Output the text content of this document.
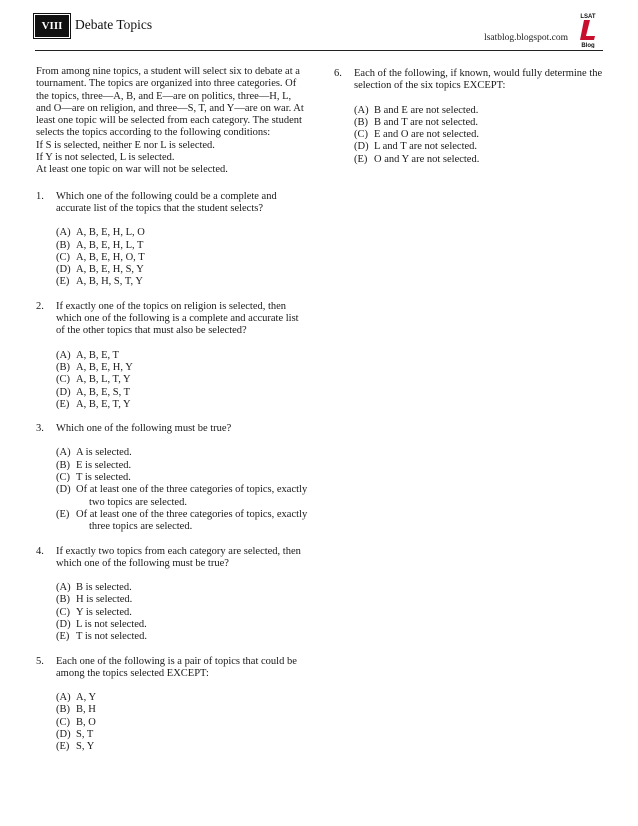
VIII Debate Topics	LSAT
Blog
lsatblog.blogspot.com

From among nine topics, a student will select six to debate at a tournament. The topics are organized into three categories. Of the topics, three—A, B, and E—are on politics, three—H, L, and O—are on religion, and three—S, T, and Y—are on war. At least one topic will be selected from each category. The student selects the topics according to the following conditions:

If S is selected, neither E nor L is selected.

If Y is not selected, L is selected.

At least one topic on war will not be selected.

1.	Which one of the following could be a complete and accurate list of the topics that the student selects?
(A) A, B, E, H, L, O
(B) A, B, E, H, L, T
(C) A, B, E, H, O, T
(D) A, B, E, H, S, Y
(E) A, B, H, S, T, Y
2.	If exactly one of the topics on religion is selected, then which one of the following is a complete and accurate list of the other topics that must also be selected?
(A) A, B, E, T
(B) A, B, E, H, Y
(C) A, B, L, T, Y
(D) A, B, E, S, T
(E) A, B, E, T, Y
3.	Which one of the following must be true?
(A) A is selected.
(B) E is selected.
(C) T is selected.
(D) Of at least one of the three categories of topics, exactly
two topics are selected.
(E) Of at least one of the three categories of topics, exactly
three topics are selected.
4.	If exactly two topics from each category are selected, then which one of the following must be true?
(A) B is selected.
(B) H is selected.
(C) Y is selected.
(D) L is not selected.
(E) T is not selected.
5.	Each one of the following is a pair of topics that could be among the topics selected EXCEPT:
(A) A, Y
(B) B, H
(C) B, O
(D) S, T
(E) S, Y
6.	Each of the following, if known, would fully determine the selection of the six topics EXCEPT:
(A) B and E are not selected.
(B) B and T are not selected.
(C) E and O are not selected.
(D) L and T are not selected.
(E) O and Y are not selected.
